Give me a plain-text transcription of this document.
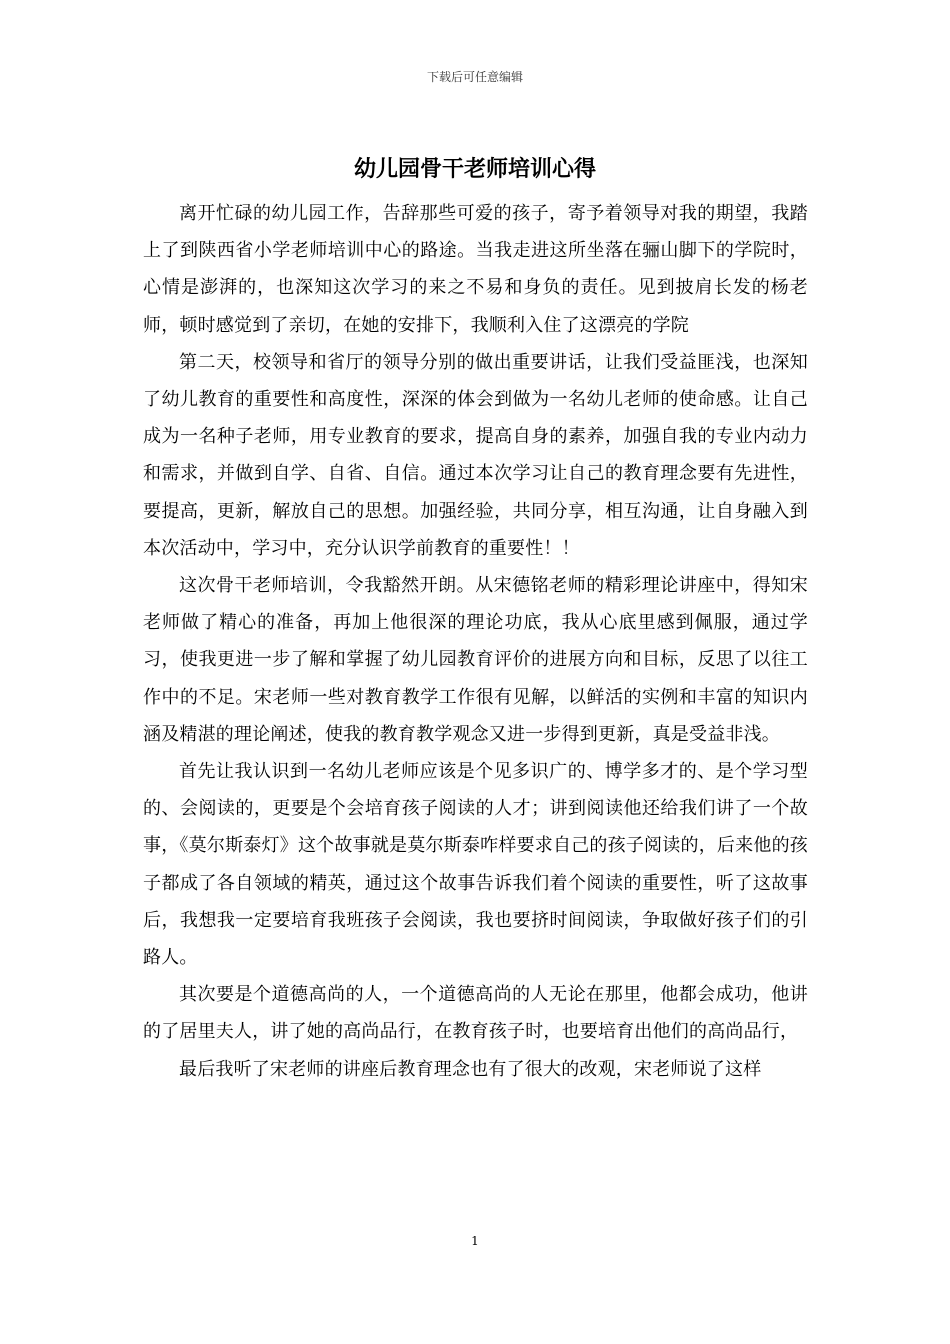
下载后可任意编辑
幼儿园骨干老师培训心得

离开忙碌的幼儿园工作，告辞那些可爱的孩子，寄予着领导对我的期望，我踏上了到陕西省小学老师培训中心的路途。当我走进这所坐落在骊山脚下的学院时，心情是澎湃的，也深知这次学习的来之不易和身负的责任。见到披肩长发的杨老师，顿时感觉到了亲切，在她的安排下，我顺利入住了这漂亮的学院

第二天，校领导和省厅的领导分别的做出重要讲话，让我们受益匪浅，也深知了幼儿教育的重要性和高度性，深深的体会到做为一名幼儿老师的使命感。让自己成为一名种子老师，用专业教育的要求，提高自身的素养，加强自我的专业内动力和需求，并做到自学、自省、自信。通过本次学习让自己的教育理念要有先进性，要提高，更新，解放自己的思想。加强经验，共同分享，相互沟通，让自身融入到本次活动中，学习中，充分认识学前教育的重要性！！

这次骨干老师培训，令我豁然开朗。从宋德铭老师的精彩理论讲座中，得知宋老师做了精心的准备，再加上他很深的理论功底，我从心底里感到佩服，通过学习，使我更进一步了解和掌握了幼儿园教育评价的进展方向和目标，反思了以往工作中的不足。宋老师一些对教育教学工作很有见解，以鲜活的实例和丰富的知识内涵及精湛的理论阐述，使我的教育教学观念又进一步得到更新，真是受益非浅。

首先让我认识到一名幼儿老师应该是个见多识广的、博学多才的、是个学习型的、会阅读的，更要是个会培育孩子阅读的人才；讲到阅读他还给我们讲了一个故事，《莫尔斯泰灯》这个故事就是莫尔斯泰咋样要求自己的孩子阅读的，后来他的孩子都成了各自领域的精英，通过这个故事告诉我们着个阅读的重要性，听了这故事后，我想我一定要培育我班孩子会阅读，我也要挤时间阅读，争取做好孩子们的引路人。

其次要是个道德高尚的人，一个道德高尚的人无论在那里，他都会成功，他讲的了居里夫人，讲了她的高尚品行，在教育孩子时，也要培育出他们的高尚品行，

最后我听了宋老师的讲座后教育理念也有了很大的改观，宋老师说了这样

1
